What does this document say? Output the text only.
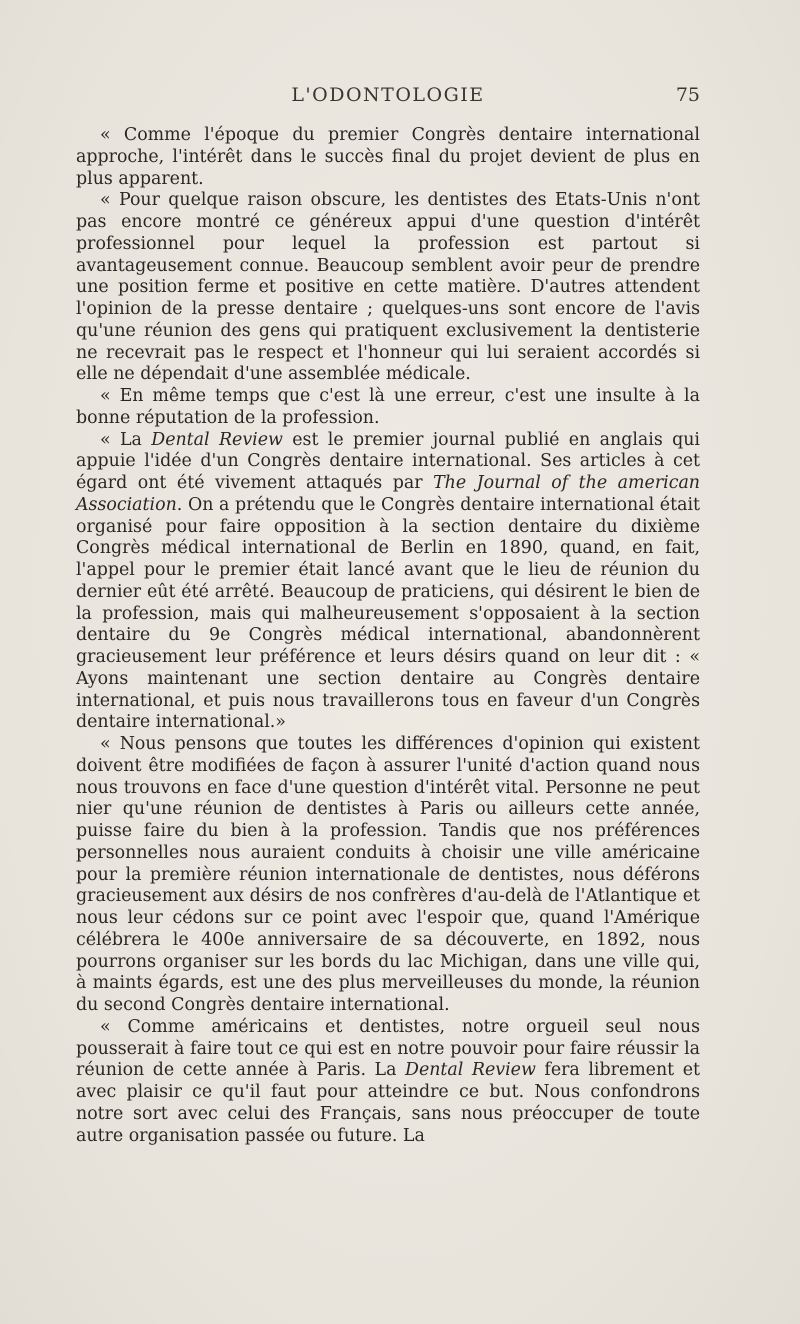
L'ODONTOLOGIE	75

« Comme l'époque du premier Congrès dentaire international approche, l'intérêt dans le succès final du projet devient de plus en plus apparent.

« Pour quelque raison obscure, les dentistes des Etats-Unis n'ont pas encore montré ce généreux appui d'une question d'intérêt professionnel pour lequel la profession est partout si avantageusement connue. Beaucoup semblent avoir peur de prendre une position ferme et positive en cette matière. D'autres attendent l'opinion de la presse dentaire ; quelques-uns sont encore de l'avis qu'une réunion des gens qui pratiquent exclusivement la dentisterie ne recevrait pas le respect et l'honneur qui lui seraient accordés si elle ne dépendait d'une assemblée médicale.

« En même temps que c'est là une erreur, c'est une insulte à la bonne réputation de la profession.

« La Dental Review est le premier journal publié en anglais qui appuie l'idée d'un Congrès dentaire international. Ses articles à cet égard ont été vivement attaqués par The Journal of the american Association. On a prétendu que le Congrès dentaire international était organisé pour faire opposition à la section dentaire du dixième Congrès médical international de Berlin en 1890, quand, en fait, l'appel pour le premier était lancé avant que le lieu de réunion du dernier eût été arrêté. Beaucoup de praticiens, qui désirent le bien de la profession, mais qui malheureusement s'opposaient à la section dentaire du 9e Congrès médical international, abandonnèrent gracieusement leur préférence et leurs désirs quand on leur dit : « Ayons maintenant une section dentaire au Congrès dentaire international, et puis nous travaillerons tous en faveur d'un Congrès dentaire international.»

« Nous pensons que toutes les différences d'opinion qui existent doivent être modifiées de façon à assurer l'unité d'action quand nous nous trouvons en face d'une question d'intérêt vital. Personne ne peut nier qu'une réunion de dentistes à Paris ou ailleurs cette année, puisse faire du bien à la profession. Tandis que nos préférences personnelles nous auraient conduits à choisir une ville américaine pour la première réunion internationale de dentistes, nous déférons gracieusement aux désirs de nos confrères d'au-delà de l'Atlantique et nous leur cédons sur ce point avec l'espoir que, quand l'Amérique célébrera le 400e anniversaire de sa découverte, en 1892, nous pourrons organiser sur les bords du lac Michigan, dans une ville qui, à maints égards, est une des plus merveilleuses du monde, la réunion du second Congrès dentaire international.

« Comme américains et dentistes, notre orgueil seul nous pousserait à faire tout ce qui est en notre pouvoir pour faire réussir la réunion de cette année à Paris. La Dental Review fera librement et avec plaisir ce qu'il faut pour atteindre ce but. Nous confondrons notre sort avec celui des Français, sans nous préoccuper de toute autre organisation passée ou future. La
